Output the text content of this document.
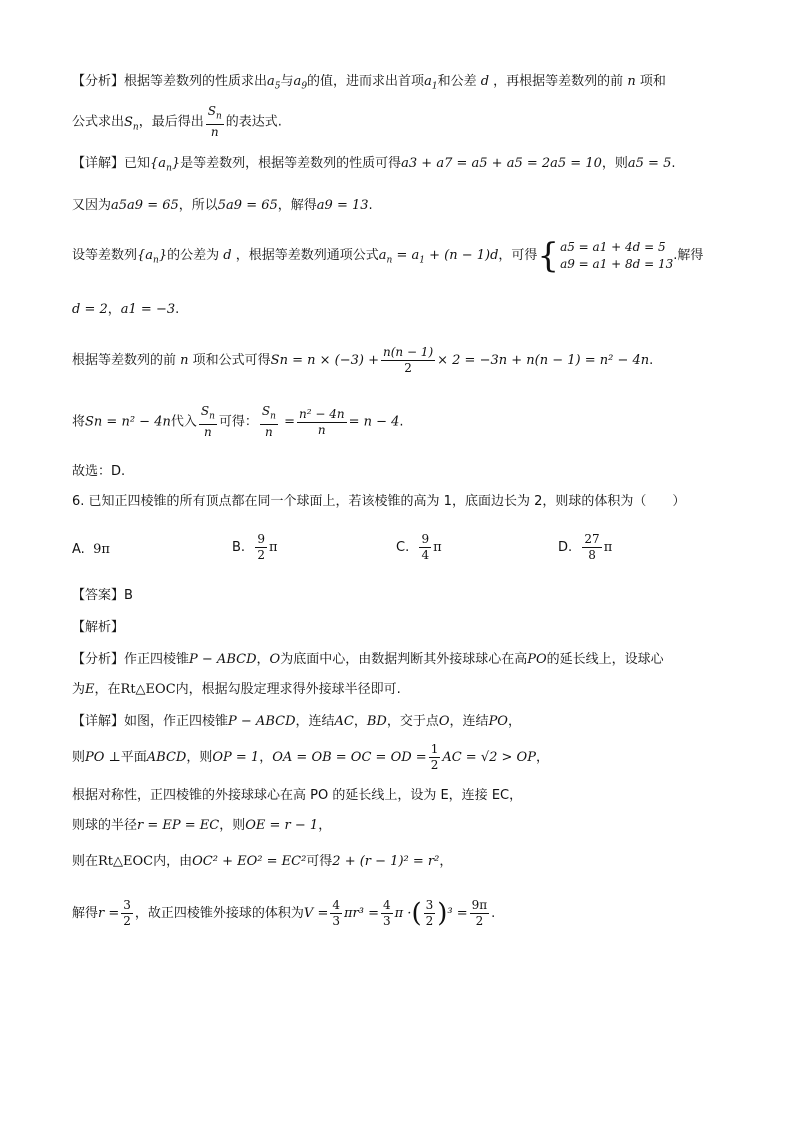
【分析】根据等差数列的性质求出$a_5$与$a_9$的值，进而求出首项$a_1$和公差 d ，再根据等差数列的前 n 项和
公式求出$S_n$，最后得出 $\frac{S_n}{n}$ 的表达式.
【详解】已知$\{a_n\}$是等差数列，根据等差数列的性质可得a3 + a7 = a5 + a5 = 2a5 = 10，则a5 = 5.
又因为a5a9 = 65，所以5a9 = 65，解得a9 = 13.
设等差数列$\{a_n\}$的公差为 d ，根据等差数列通项公式$a_n = a_1 + (n - 1)d$，可得{ a5 = a1 + 4d = 5
a9 = a1 + 8d = 13
.解得
d = 2，a1 = −3.
根据等差数列的前 n 项和公式可得$Sn = n \times (-3) + \frac{n(n - 1)}{2} \times 2 = -3n + n(n - 1) = n^2 - 4n$.
将Sn = n² − 4n代入 $\frac{S_n}{n}$ 可得： $\frac{S_n}{n} = \frac{\text{n² − 4n}}{n} = n - 4$.
故选：D.
6. 已知正四棱锥的所有顶点都在同一个球面上，若该棱锥的高为 1，底面边长为 2，则球的体积为（　　）
A. 9π	B. $\frac{9}{2}$ π	C. $\frac{9}{4}$ π	D. $\frac{27}{8}$ π
【答案】B
【解析】
【分析】作正四棱锥P − ABCD，O为底面中心，由数据判断其外接球球心在高PO的延长线上，设球心
为E，在Rt△EOC内，根据勾股定理求得外接球半径即可.
【详解】如图，作正四棱锥P − ABCD，连结AC，BD，交于点O，连结PO，
则PO ⊥平面ABCD，则OP = 1，OA = OB = OC = OD = $\frac{1}{2}$ AC = √2 > OP，
根据对称性，正四棱锥的外接球球心在高 PO 的延长线上，设为 E，连接 EC，
则球的半径r = EP = EC，则OE = r − 1，
则在Rt△EOC内，由OC² + EO² = EC²可得2 + (r − 1)² = r²，
解得$r = \frac{3}{2}$ ，故正四棱锥外接球的体积为$V = \frac{4}{3} \pi r^3 = \frac{4}{3}$ π ·( $\frac{3}{2} )^3 = \frac{9\pi}{2}$ .
